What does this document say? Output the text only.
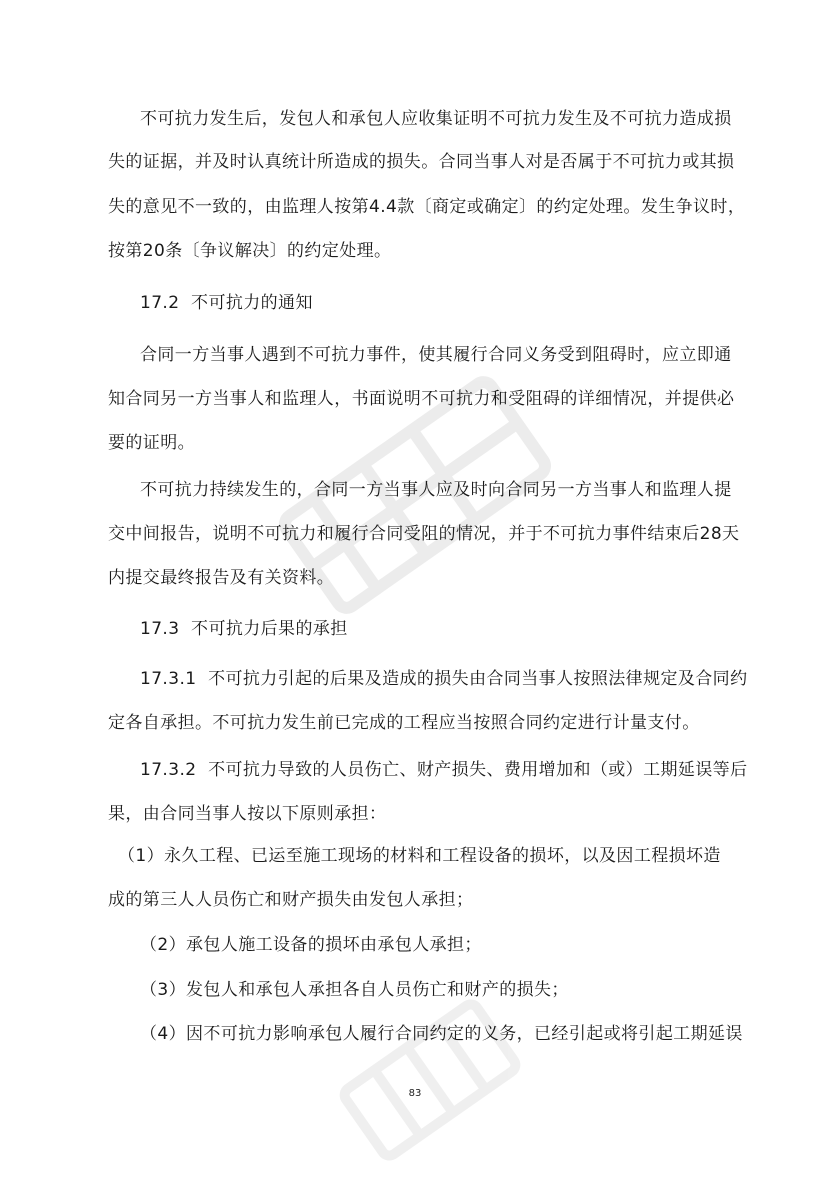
不可抗力发生后，发包人和承包人应收集证明不可抗力发生及不可抗力造成损
失的证据，并及时认真统计所造成的损失。合同当事人对是否属于不可抗力或其损
失的意见不一致的，由监理人按第4.4款〔商定或确定〕的约定处理。发生争议时，
按第20条〔争议解决〕的约定处理。
17.2  不可抗力的通知
合同一方当事人遇到不可抗力事件，使其履行合同义务受到阻碍时，应立即通
知合同另一方当事人和监理人，书面说明不可抗力和受阻碍的详细情况，并提供必
要的证明。
不可抗力持续发生的，合同一方当事人应及时向合同另一方当事人和监理人提
交中间报告，说明不可抗力和履行合同受阻的情况，并于不可抗力事件结束后28天
内提交最终报告及有关资料。
17.3  不可抗力后果的承担
17.3.1  不可抗力引起的后果及造成的损失由合同当事人按照法律规定及合同约
定各自承担。不可抗力发生前已完成的工程应当按照合同约定进行计量支付。
17.3.2  不可抗力导致的人员伤亡、财产损失、费用增加和（或）工期延误等后
果，由合同当事人按以下原则承担：
（1）永久工程、已运至施工现场的材料和工程设备的损坏，以及因工程损坏造
成的第三人人员伤亡和财产损失由发包人承担；
（2）承包人施工设备的损坏由承包人承担；
（3）发包人和承包人承担各自人员伤亡和财产的损失；
（4）因不可抗力影响承包人履行合同约定的义务，已经引起或将引起工期延误
83
